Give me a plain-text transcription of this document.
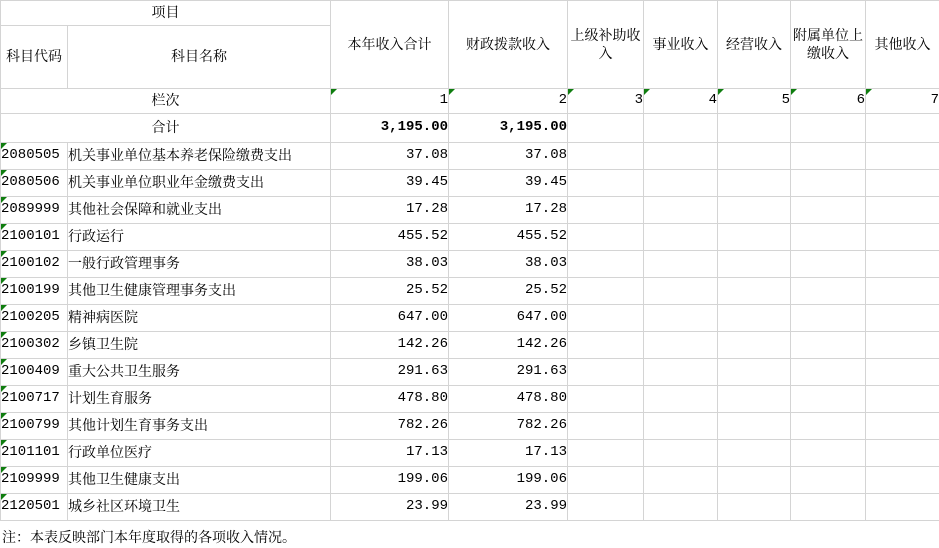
项目		本年收入合计	财政拨款收入	上级补助收入	事业收入	经营收入	附属单位上缴收入	其他收入
科目代码	科目名称							
栏次		1	2	3	4	5	6	7
合计		3,195.00	3,195.00					

2080505	机关事业单位基本养老保险缴费支出	37.08	37.08					

2080506	机关事业单位职业年金缴费支出	39.45	39.45					

2089999	其他社会保障和就业支出	17.28	17.28					

2100101	行政运行	455.52	455.52					

2100102	一般行政管理事务	38.03	38.03					

2100199	其他卫生健康管理事务支出	25.52	25.52					

2100205	精神病医院	647.00	647.00					

2100302	乡镇卫生院	142.26	142.26					

2100409	重大公共卫生服务	291.63	291.63					

2100717	计划生育服务	478.80	478.80					

2100799	其他计划生育事务支出	782.26	782.26					

2101101	行政单位医疗	17.13	17.13					

2109999	其他卫生健康支出	199.06	199.06					

2120501	城乡社区环境卫生	23.99	23.99					
注：本表反映部门本年度取得的各项收入情况。
